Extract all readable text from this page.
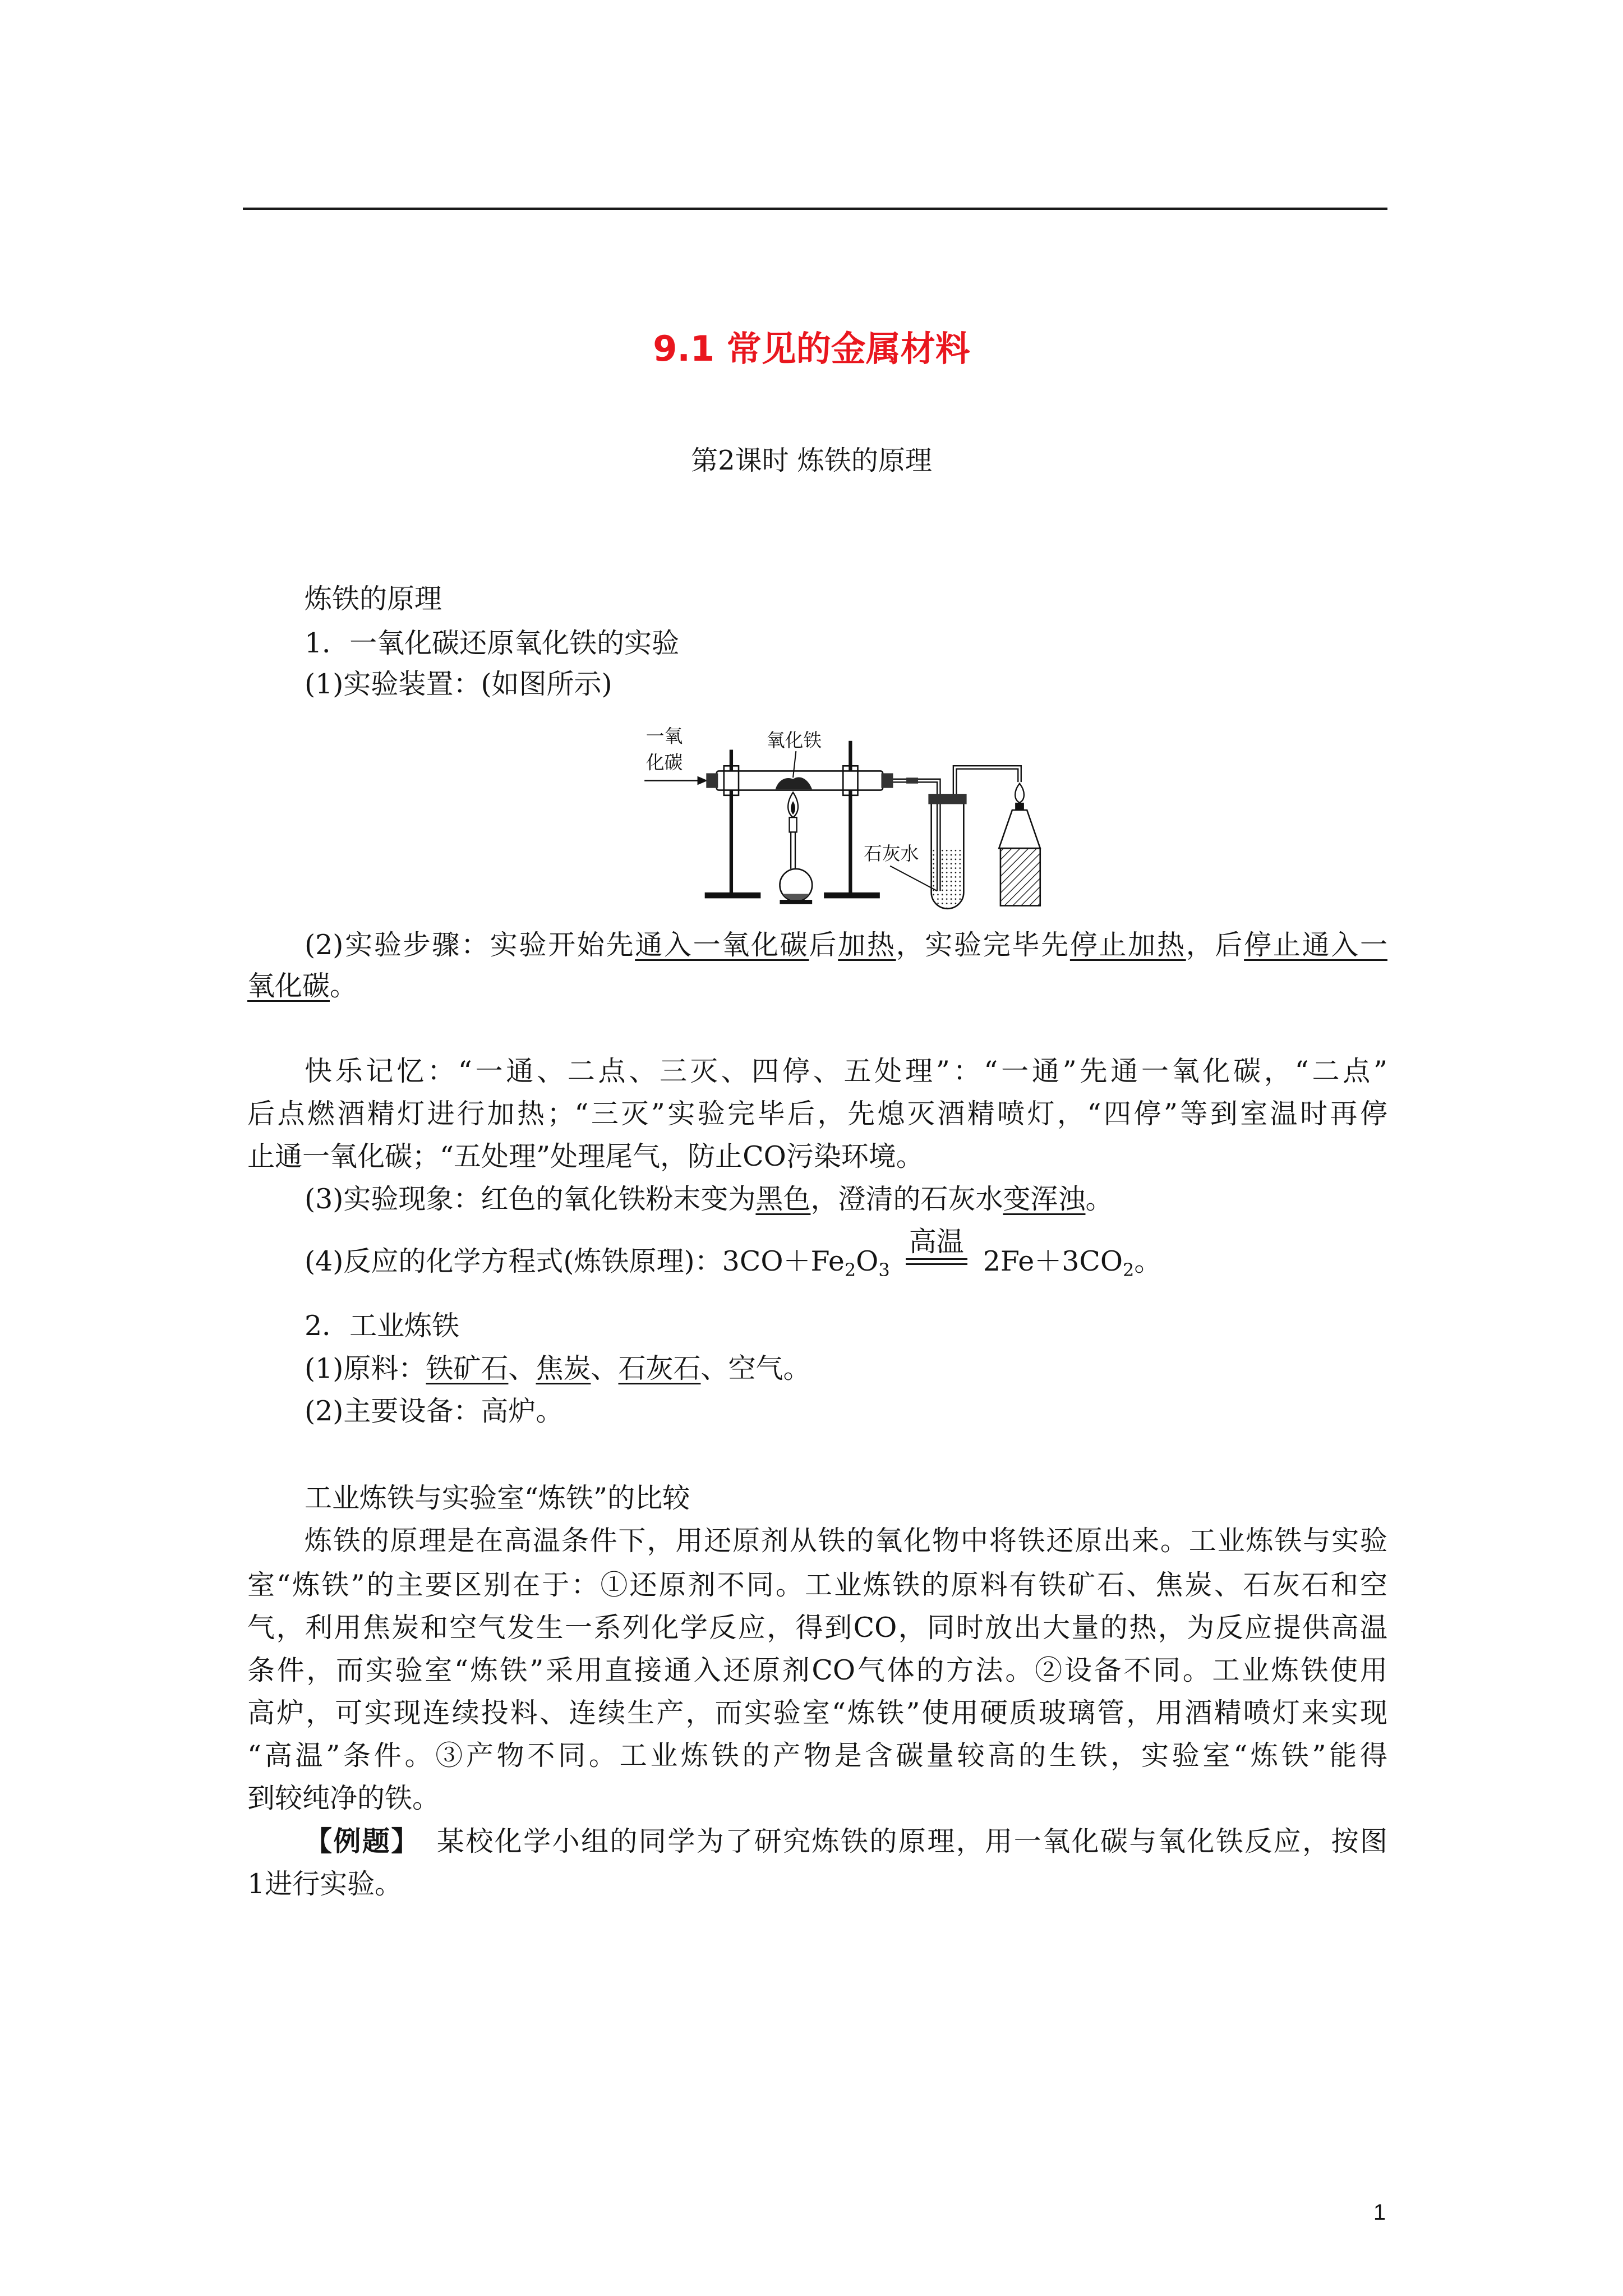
9.1 常见的金属材料
第2课时 炼铁的原理
炼铁的原理
1．一氧化碳还原氧化铁的实验
(1)实验装置：(如图所示)
一氧
化碳
氧化铁
石灰水
(2)实验步骤：实验开始先通入一氧化碳后加热，实验完毕先停止加热，后停止通入一
氧化碳。
快乐记忆：“一通、二点、三灭、四停、五处理”：“一通”先通一氧化碳，“二点”
后点燃酒精灯进行加热；“三灭”实验完毕后，先熄灭酒精喷灯，“四停”等到室温时再停
止通一氧化碳；“五处理”处理尾气，防止CO污染环境。
(3)实验现象：红色的氧化铁粉末变为黑色，澄清的石灰水变浑浊。
(4)反应的化学方程式(炼铁原理)：$3CO+Fe_2O_3$
高温
$2Fe+3CO_2$。
2．工业炼铁
(1)原料：铁矿石、焦炭、石灰石、空气。
(2)主要设备：高炉。
工业炼铁与实验室“炼铁”的比较
炼铁的原理是在高温条件下，用还原剂从铁的氧化物中将铁还原出来。工业炼铁与实验
室“炼铁”的主要区别在于：①还原剂不同。工业炼铁的原料有铁矿石、焦炭、石灰石和空
气，利用焦炭和空气发生一系列化学反应，得到CO，同时放出大量的热，为反应提供高温
条件，而实验室“炼铁”采用直接通入还原剂CO气体的方法。②设备不同。工业炼铁使用
高炉，可实现连续投料、连续生产，而实验室“炼铁”使用硬质玻璃管，用酒精喷灯来实现
“高温”条件。③产物不同。工业炼铁的产物是含碳量较高的生铁，实验室“炼铁”能得
到较纯净的铁。
【例题】 某校化学小组的同学为了研究炼铁的原理，用一氧化碳与氧化铁反应，按图
1进行实验。
1
